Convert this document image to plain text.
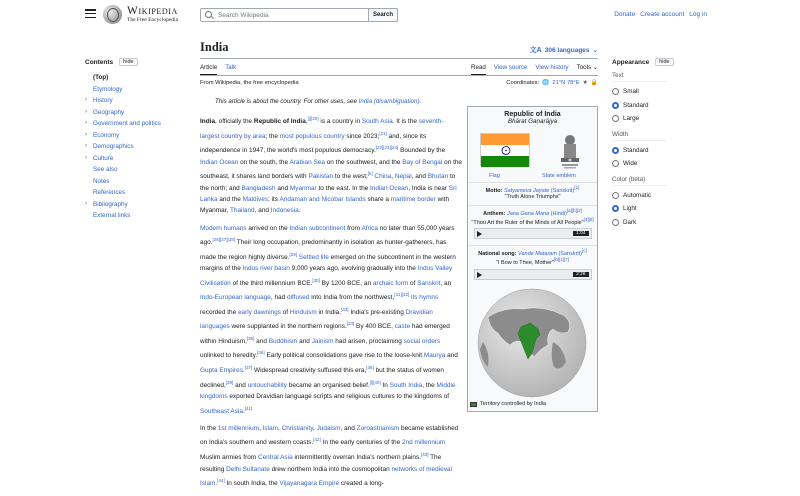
Wikipedia
The Free Encyclopedia
Search Wikipedia
Search	Donate Create account Log in
Contents	hide
(Top)
Etymology
› History
› Geography
› Government and politics
› Economy
› Demographics
› Culture
See also
Notes
References
› Bibliography
External links
India	文A 306 languages ⌄
Article Talk	Read View source View history Tools ⌄
From Wikipedia, the free encyclopedia	Coordinates: 🌐 21°N 78°E ★ 🔒
This article is about the country. For other uses, see India (disambiguation).

India, officially the Republic of India,[j][20] is a country in South Asia. It is the seventh-largest country by area; the most populous country since 2023;[21] and, since its independence in 1947, the world's most populous democracy.[22][23][24] Bounded by the Indian Ocean on the south, the Arabian Sea on the southwest, and the Bay of Bengal on the southeast, it shares land borders with Pakistan to the west;[k] China, Nepal, and Bhutan to the north; and Bangladesh and Myanmar to the east. In the Indian Ocean, India is near Sri Lanka and the Maldives; its Andaman and Nicobar Islands share a maritime border with Myanmar, Thailand, and Indonesia.

Modern humans arrived on the Indian subcontinent from Africa no later than 55,000 years ago.[26][27][28] Their long occupation, predominantly in isolation as hunter-gatherers, has made the region highly diverse.[29] Settled life emerged on the subcontinent in the western margins of the Indus river basin 9,000 years ago, evolving gradually into the Indus Valley Civilisation of the third millennium BCE.[30] By 1200 BCE, an archaic form of Sanskrit, an Indo-European language, had diffused into India from the northwest,[31][32] its hymns recorded the early dawnings of Hinduism in India.[33] India's pre-existing Dravidian languages were supplanted in the northern regions.[34] By 400 BCE, caste had emerged within Hinduism,[35] and Buddhism and Jainism had arisen, proclaiming social orders unlinked to heredity.[36] Early political consolidations gave rise to the loose-knit Maurya and Gupta Empires.[37] Widespread creativity suffused this era,[38] but the status of women declined,[39] and untouchability became an organised belief.[l][40] In South India, the Middle kingdoms exported Dravidian language scripts and religious cultures to the kingdoms of Southeast Asia.[41]

In the 1st millennium, Islam, Christianity, Judaism, and Zoroastrianism became established on India's southern and western coasts.[42] In the early centuries of the 2nd millennium Muslim armies from Central Asia intermittently overran India's northern plains.[43] The resulting Delhi Sultanate drew northern India into the cosmopolitan networks of medieval Islam.[44] In south India, the Vijayanagara Empire created a long-

Republic of India
Bhārat Gaṇarājya
Flag	State emblem
Motto: Satyameva Jayate (Sanskrit)[1]
"Truth Alone Triumphs"
Anthem: Jana Gana Mana (Hindi)[a][b][2]
"Thou Art the Ruler of the Minds of All People"[4][5]
1:04
National song: Vande Mataram (Sanskrit)[c]
"I Bow to Thee, Mother"[b][1][7]
2:26
Territory controlled by India
Appearance	hide
Text
Small
Standard
Large
Width
Standard
Wide
Color (beta)
Automatic
Light
Dark
